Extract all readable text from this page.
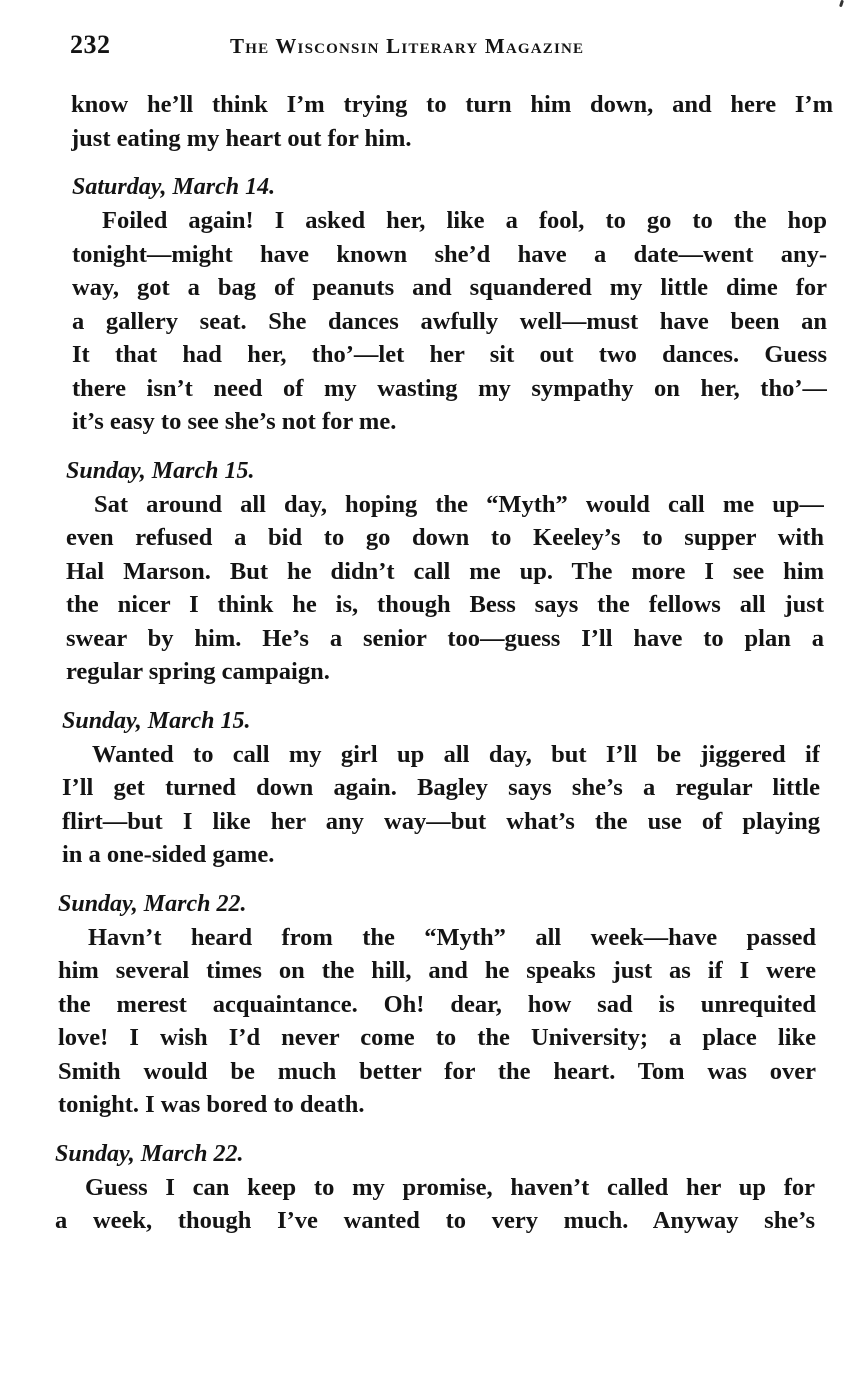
232	The Wisconsin Literary Magazine
know he’ll think I’m trying to turn him down, and here I’m
just eating my heart out for him.
Saturday, March 14.
Foiled again! I asked her, like a fool, to go to the hop
tonight—might have known she’d have a date—went any-
way, got a bag of peanuts and squandered my little dime for
a gallery seat. She dances awfully well—must have been an
It that had her, tho’—let her sit out two dances. Guess
there isn’t need of my wasting my sympathy on her, tho’—
it’s easy to see she’s not for me.
Sunday, March 15.
Sat around all day, hoping the “Myth” would call me up—
even refused a bid to go down to Keeley’s to supper with
Hal Marson. But he didn’t call me up. The more I see him
the nicer I think he is, though Bess says the fellows all just
swear by him. He’s a senior too—guess I’ll have to plan a
regular spring campaign.
Sunday, March 15.
Wanted to call my girl up all day, but I’ll be jiggered if
I’ll get turned down again. Bagley says she’s a regular little
flirt—but I like her any way—but what’s the use of playing
in a one-sided game.
Sunday, March 22.
Havn’t heard from the “Myth” all week—have passed
him several times on the hill, and he speaks just as if I were
the merest acquaintance. Oh! dear, how sad is unrequited
love! I wish I’d never come to the University; a place like
Smith would be much better for the heart. Tom was over
tonight. I was bored to death.
Sunday, March 22.
Guess I can keep to my promise, haven’t called her up for
a week, though I’ve wanted to very much. Anyway she’s
